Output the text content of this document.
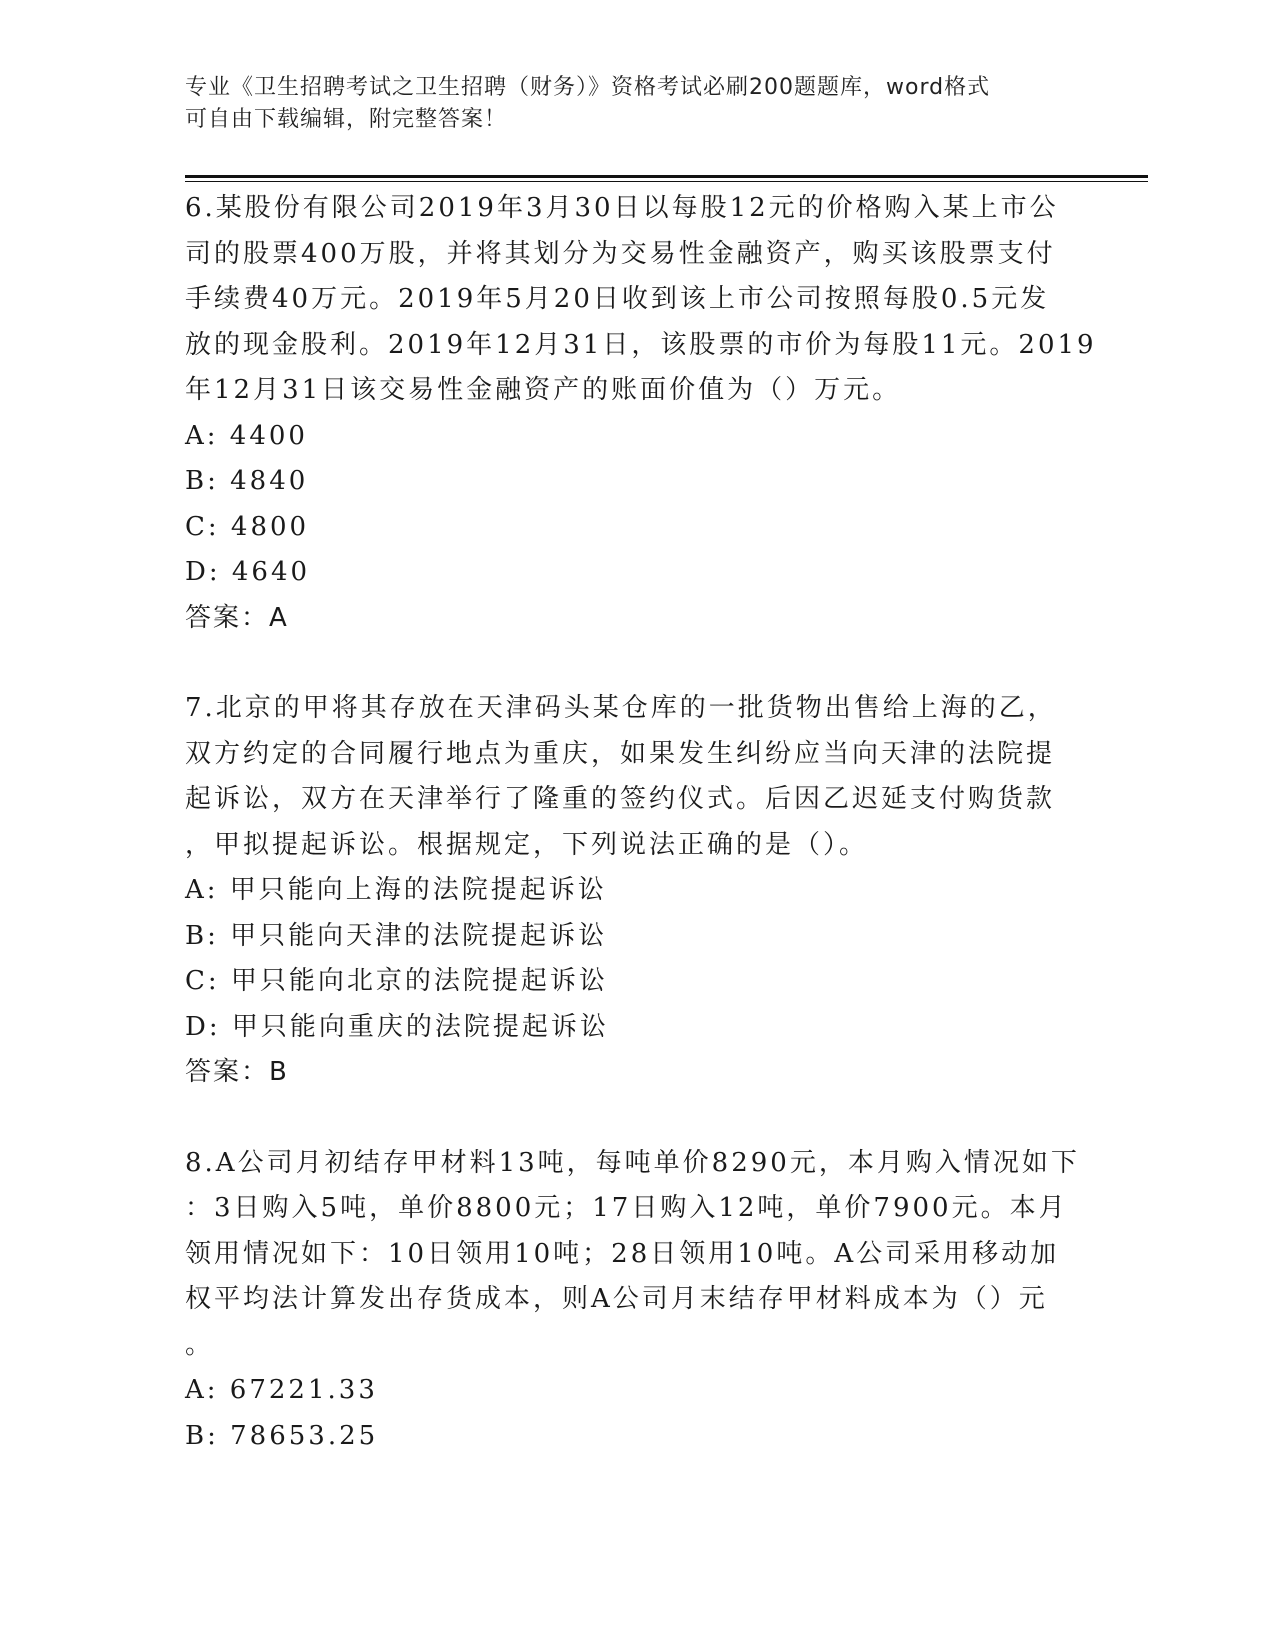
专业《卫生招聘考试之卫生招聘（财务）》资格考试必刷200题题库，word格式
可自由下载编辑，附完整答案！
6.某股份有限公司2019年3月30日以每股12元的价格购入某上市公
司的股票400万股，并将其划分为交易性金融资产，购买该股票支付
手续费40万元。2019年5月20日收到该上市公司按照每股0.5元发
放的现金股利。2019年12月31日，该股票的市价为每股11元。2019
年12月31日该交易性金融资产的账面价值为（）万元。
A: 4400
B: 4840
C: 4800
D: 4640
答案：A
7.北京的甲将其存放在天津码头某仓库的一批货物出售给上海的乙，
双方约定的合同履行地点为重庆，如果发生纠纷应当向天津的法院提
起诉讼，双方在天津举行了隆重的签约仪式。后因乙迟延支付购货款
，甲拟提起诉讼。根据规定，下列说法正确的是（）。
A: 甲只能向上海的法院提起诉讼
B: 甲只能向天津的法院提起诉讼
C: 甲只能向北京的法院提起诉讼
D: 甲只能向重庆的法院提起诉讼
答案：B
8.A公司月初结存甲材料13吨，每吨单价8290元，本月购入情况如下
：3日购入5吨，单价8800元；17日购入12吨，单价7900元。本月
领用情况如下：10日领用10吨；28日领用10吨。A公司采用移动加
权平均法计算发出存货成本，则A公司月末结存甲材料成本为（）元
。
A: 67221.33
B: 78653.25
